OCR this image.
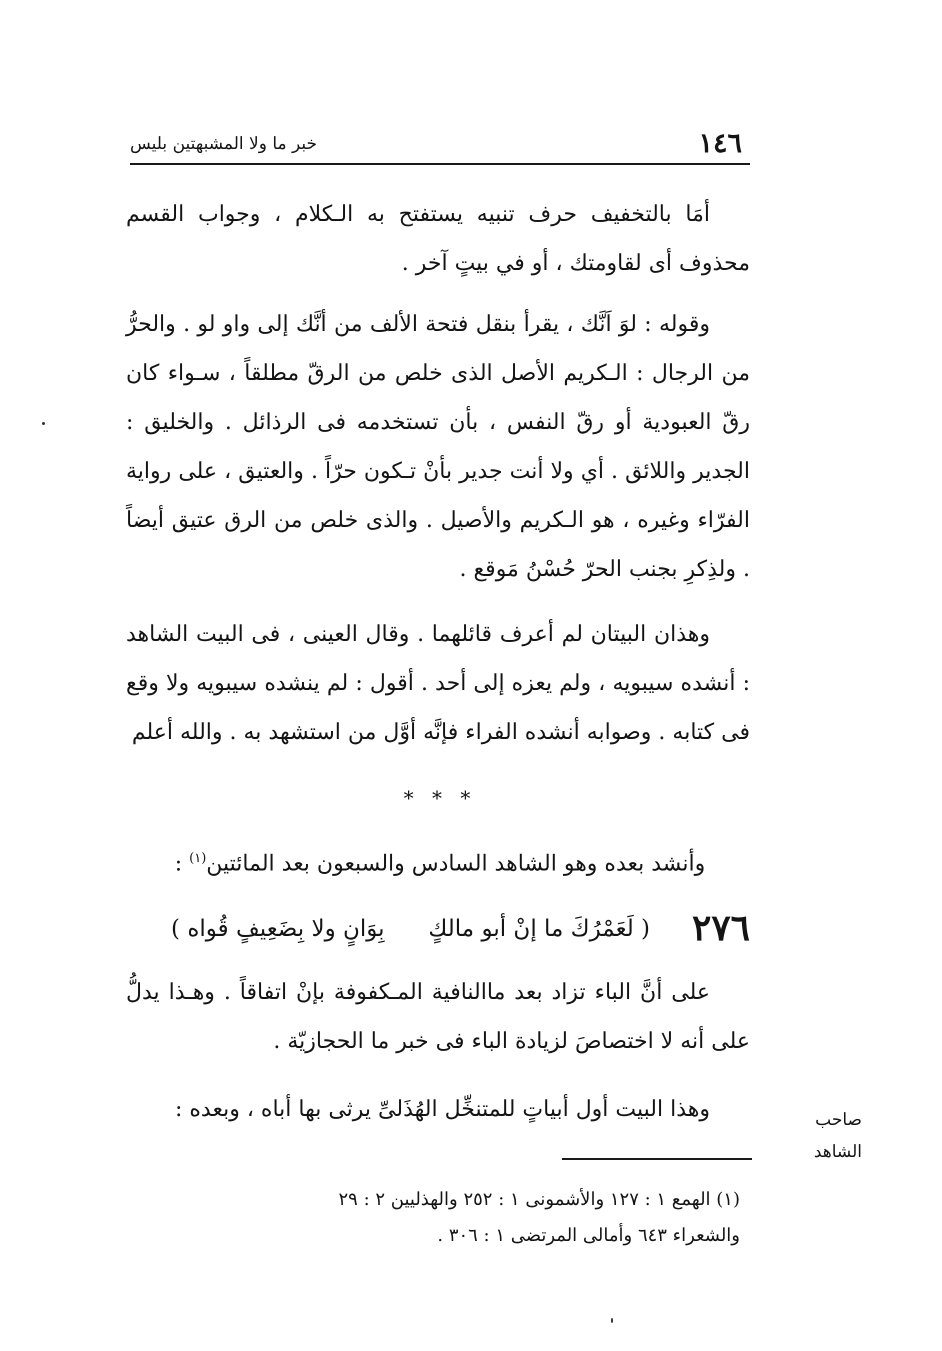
١٤٦
خبر ما ولا المشبهتين بليس

أمَا بالتخفيف حرف تنبيه يستفتح به الـكلام ، وجواب القسم محذوف أى لقاومتك ، أو في بيتٍ آخر .

وقوله : لوَ اَنَّك ، يقرأ بنقل فتحة الألف من أنَّك إلى واو لو . والحرُّ من الرجال : الـكريم الأصل الذى خلص من الرقّ مطلقاً ، سـواء كان رقّ العبودية أو رقّ النفس ، بأن تستخدمه فى الرذائل . والخليق : الجدير واللائق . أي ولا أنت جدير بأنْ تـكون حرّاً . والعتيق ، على رواية الفرّاء وغيره ، هو الـكريم والأصيل . والذى خلص من الرق عتيق أيضاً . ولذِكرِ بجنب الحرّ حُسْنُ مَوقع .

وهذان البيتان لم أعرف قائلهما . وقال العينى ، فى البيت الشاهد : أنشده سيبويه ، ولم يعزه إلى أحد . أقول : لم ينشده سيبويه ولا وقع فى كتابه . وصوابه أنشده الفراء فإنَّه أوَّل من استشهد به . والله أعلم

* * *
وأنشد بعده وهو الشاهد السادس والسبعون بعد المائتين$^{(١)}$ :
٢٧٦
( لَعَمْرُكَ ما إنْ أبو مالكٍ      بِوَانٍ ولا بِضَعِيفٍ قُواه )

على أنَّ الباء تزاد بعد ماالنافية المـكفوفة بإنْ اتفاقاً . وهـذا يدلُّ على أنه لا اختصاصَ لزيادة الباء فى خبر ما الحجازيّة .

وهذا البيت أول أبياتٍ للمتنخِّل الهُذَلىِّ يرثى بها أباه ، وبعده :	صاحب الشاهد

(١) الهمع ١ : ١٢٧ والأشمونى ١ : ٢٥٢ والهذليين ٢ : ٢٩

والشعراء ٦٤٣ وأمالى المرتضى ١ : ٣٠٦ .
